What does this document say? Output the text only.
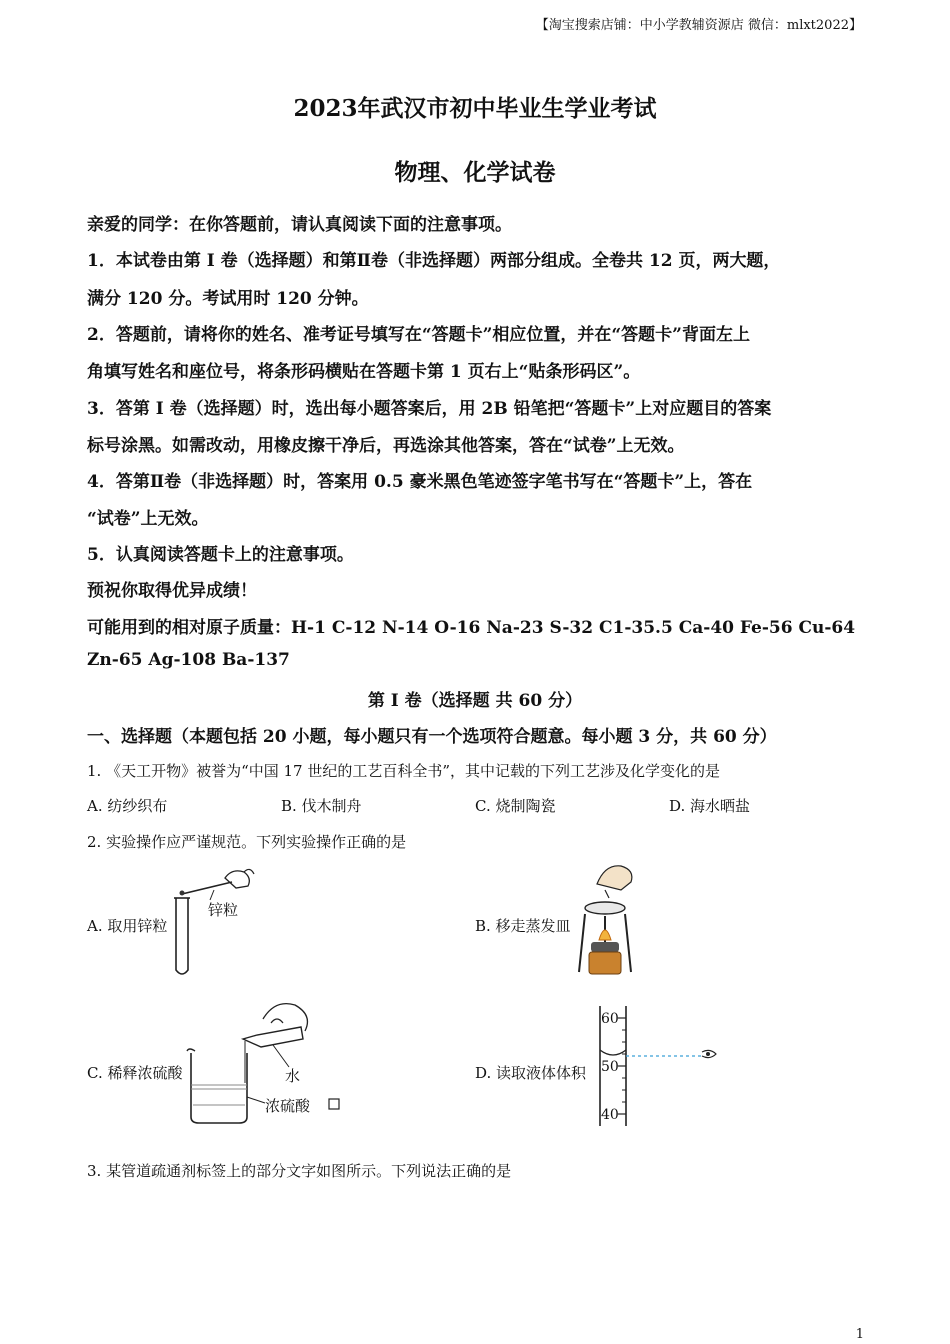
【淘宝搜索店铺：中小学教辅资源店 微信：mlxt2022】
2023年武汉市初中毕业生学业考试
物理、化学试卷
亲爱的同学：在你答题前，请认真阅读下面的注意事项。
1．本试卷由第 I 卷（选择题）和第Ⅱ卷（非选择题）两部分组成。全卷共 12 页，两大题，
满分 120 分。考试用时 120 分钟。
2．答题前，请将你的姓名、准考证号填写在“答题卡”相应位置，并在“答题卡”背面左上
角填写姓名和座位号，将条形码横贴在答题卡第 1 页右上“贴条形码区”。
3．答第 I 卷（选择题）时，选出每小题答案后，用 2B 铅笔把“答题卡”上对应题目的答案
标号涂黑。如需改动，用橡皮擦干净后，再选涂其他答案，答在“试卷”上无效。
4．答第Ⅱ卷（非选择题）时，答案用 0.5 豪米黑色笔迹签字笔书写在“答题卡”上，答在
“试卷”上无效。
5．认真阅读答题卡上的注意事项。
预祝你取得优异成绩！
可能用到的相对原子质量：H-1 C-12 N-14 O-16 Na-23 S-32 C1-35.5 Ca-40 Fe-56 Cu-64
Zn-65 Ag-108 Ba-137
第 I 卷（选择题 共 60 分）
一、选择题（本题包括 20 小题，每小题只有一个选项符合题意。每小题 3 分，共 60 分）
1. 《天工开物》被誉为“中国 17 世纪的工艺百科全书”，其中记载的下列工艺涉及化学变化的是
A. 纺纱织布	B. 伐木制舟	C. 烧制陶瓷	D. 海水晒盐
2. 实验操作应严谨规范。下列实验操作正确的是
A. 取用锌粒	B. 移走蒸发皿
C. 稀释浓硫酸	D. 读取液体体积
锌粒
水
浓硫酸
60
50
40
3. 某管道疏通剂标签上的部分文字如图所示。下列说法正确的是
1
